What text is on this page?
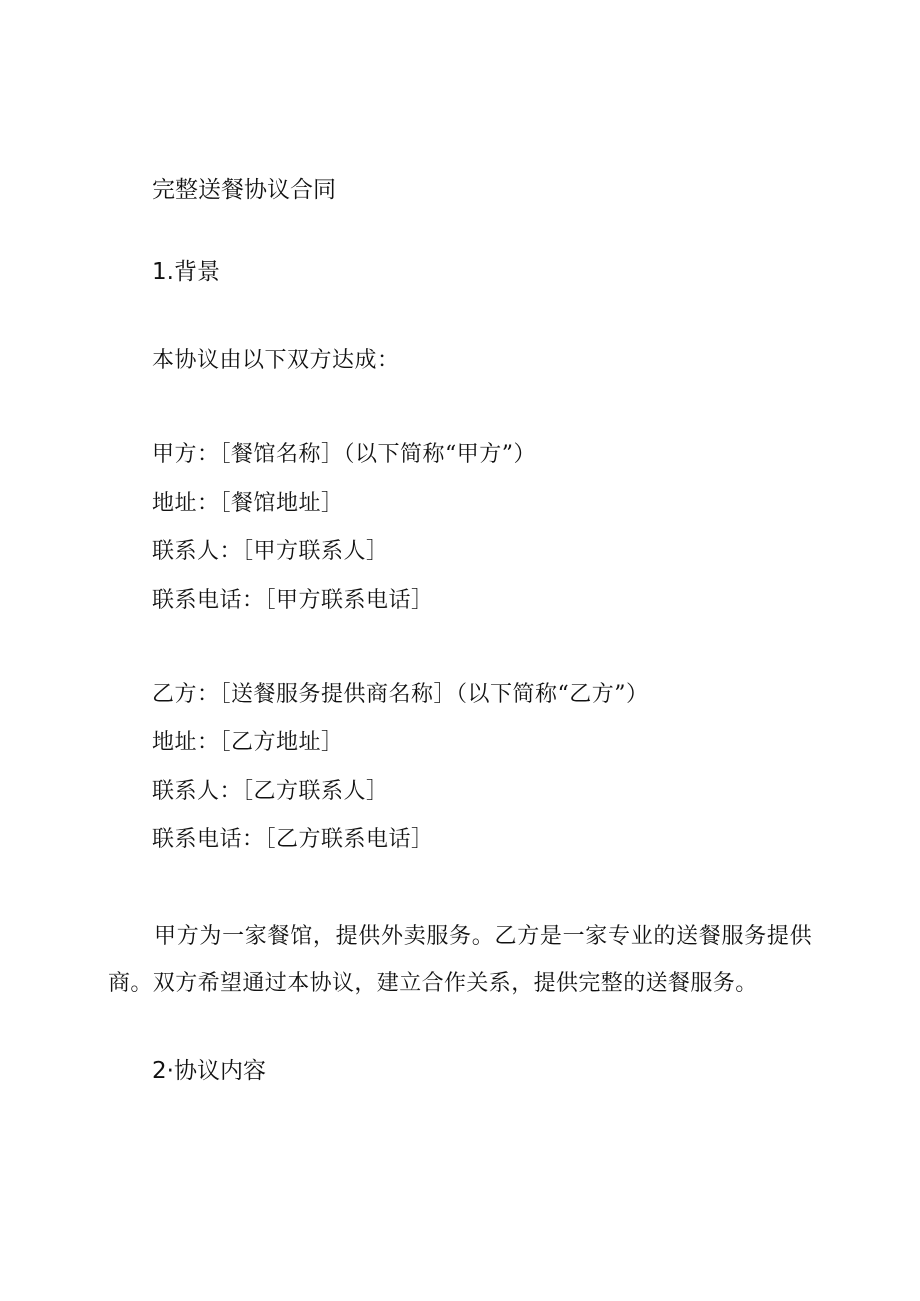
完整送餐协议合同
1.背景
本协议由以下双方达成：
甲方：［餐馆名称］（以下简称“甲方”）
地址：［餐馆地址］
联系人：［甲方联系人］
联系电话：［甲方联系电话］
乙方：［送餐服务提供商名称］（以下简称“乙方”）
地址：［乙方地址］
联系人：［乙方联系人］
联系电话：［乙方联系电话］
甲方为一家餐馆，提供外卖服务。乙方是一家专业的送餐服务提供商。双方希望通过本协议，建立合作关系，提供完整的送餐服务。
2·协议内容
